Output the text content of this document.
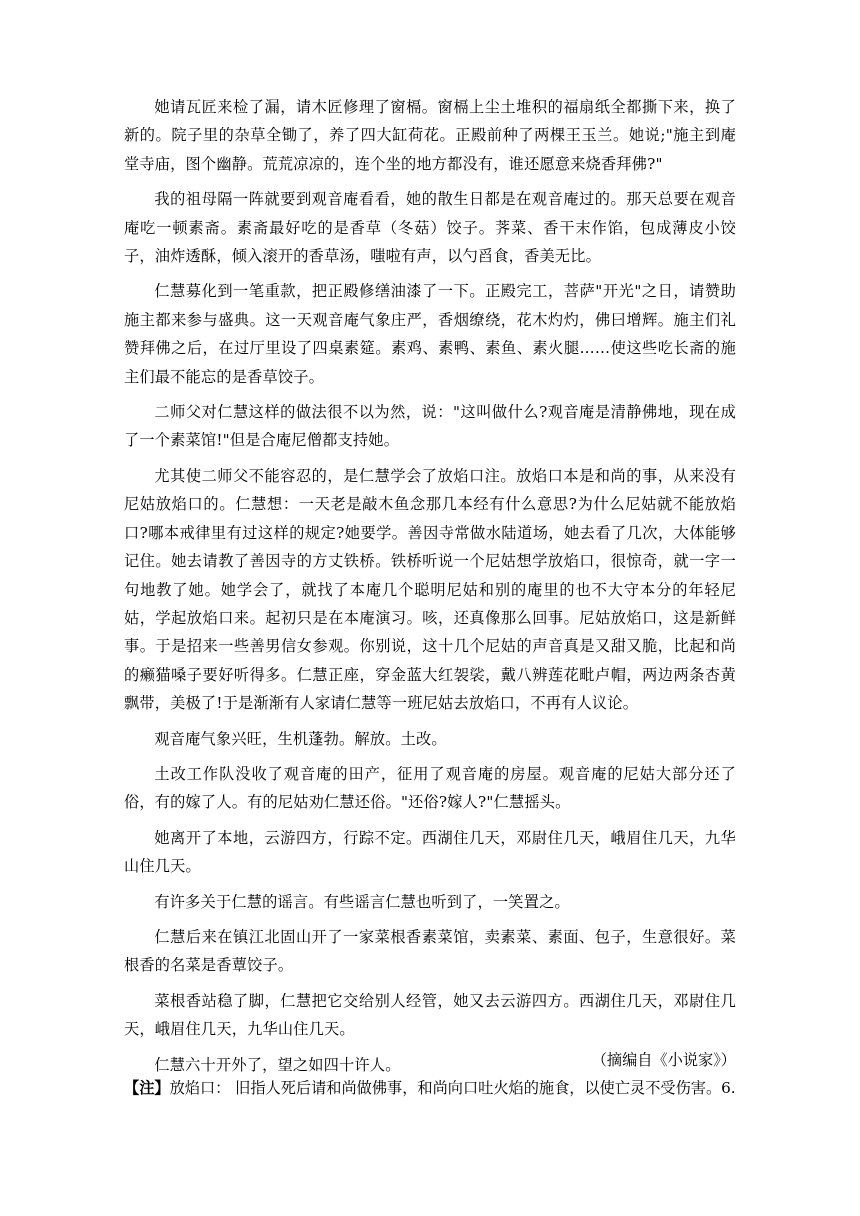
她请瓦匠来检了漏，请木匠修理了窗槅。窗槅上尘土堆积的福扇纸全都撕下来，换了新的。院子里的杂草全锄了，养了四大缸荷花。正殿前种了两棵王玉兰。她说;"施主到庵堂寺庙，图个幽静。荒荒凉凉的，连个坐的地方都没有，谁还愿意来烧香拜佛?"

我的祖母隔一阵就要到观音庵看看，她的散生日都是在观音庵过的。那天总要在观音庵吃一顿素斋。素斋最好吃的是香草（冬菇）饺子。荠菜、香干末作馅，包成薄皮小饺子，油炸透酥，倾入滚开的香草汤，嗤啦有声，以勺舀食，香美无比。

仁慧募化到一笔重款，把正殿修缮油漆了一下。正殿完工，菩萨"开光"之日，请赞助施主都来参与盛典。这一天观音庵气象庄严，香烟缭绕，花木灼灼，佛曰增辉。施主们礼赞拜佛之后，在过厅里设了四桌素筵。素鸡、素鸭、素鱼、素火腿……使这些吃长斋的施主们最不能忘的是香草饺子。

二师父对仁慧这样的做法很不以为然，说："这叫做什么?观音庵是清静佛地，现在成了一个素菜馆!"但是合庵尼僧都支持她。

尤其使二师父不能容忍的，是仁慧学会了放焰口注。放焰口本是和尚的事，从来没有尼姑放焰口的。仁慧想：一天老是敲木鱼念那几本经有什么意思?为什么尼姑就不能放焰口?哪本戒律里有过这样的规定?她要学。善因寺常做水陆道场，她去看了几次，大体能够记住。她去请教了善因寺的方丈铁桥。铁桥听说一个尼姑想学放焰口，很惊奇，就一字一句地教了她。她学会了，就找了本庵几个聪明尼姑和别的庵里的也不大守本分的年轻尼姑，学起放焰口来。起初只是在本庵演习。咳，还真像那么回事。尼姑放焰口，这是新鲜事。于是招来一些善男信女参观。你别说，这十几个尼姑的声音真是又甜又脆，比起和尚的癞猫嗓子要好听得多。仁慧正座，穿金蓝大红袈裟，戴八辨莲花毗卢帽，两边两条杏黄飘带，美极了!于是渐渐有人家请仁慧等一班尼姑去放焰口，不再有人议论。

观音庵气象兴旺，生机蓬勃。解放。土改。

土改工作队没收了观音庵的田产，征用了观音庵的房屋。观音庵的尼姑大部分还了俗，有的嫁了人。有的尼姑劝仁慧还俗。"还俗?嫁人?"仁慧摇头。

她离开了本地，云游四方，行踪不定。西湖住几天，邓尉住几天，峨眉住几天，九华山住几天。

有许多关于仁慧的谣言。有些谣言仁慧也听到了，一笑置之。

仁慧后来在镇江北固山开了一家菜根香素菜馆，卖素菜、素面、包子，生意很好。菜根香的名菜是香蕈饺子。

菜根香站稳了脚，仁慧把它交给别人经管，她又去云游四方。西湖住几天，邓尉住几天，峨眉住几天，九华山住几天。

仁慧六十开外了，望之如四十许人。	（摘编自《小说家》）
【注】放焰口： 旧指人死后请和尚做佛事，和尚向口吐火焰的施食，以使亡灵不受伤害。6.
